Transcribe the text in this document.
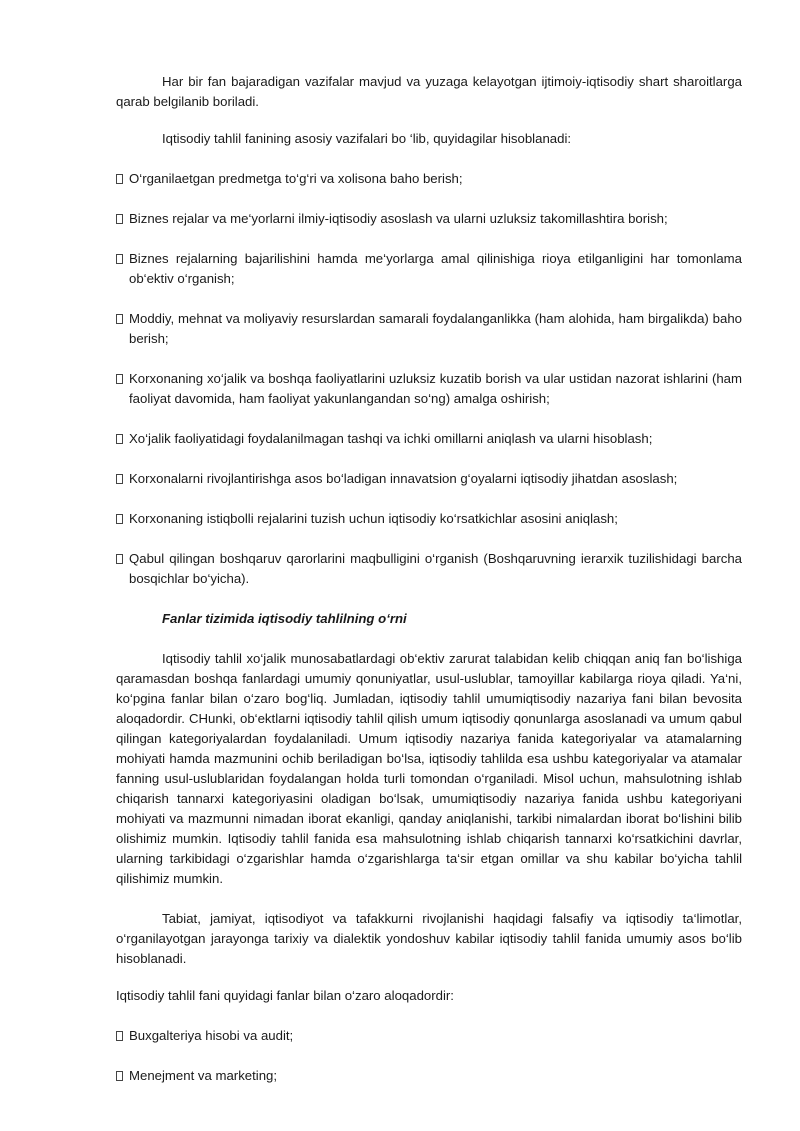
Har bir fan bajaradigan vazifalar mavjud va yuzaga kelayotgan ijtimoiy-iqtisodiy shart sharoitlarga qarab belgilanib boriladi.

Iqtisodiy tahlil fanining asosiy vazifalari bo ‘lib, quyidagilar hisoblanadi:

O‘rganilaetgan predmetga to‘g‘ri va xolisona baho berish;

Biznes rejalar va me‘yorlarni ilmiy-iqtisodiy asoslash va ularni uzluksiz takomillashtira borish;

Biznes rejalarning bajarilishini hamda me‘yorlarga amal qilinishiga rioya etilganligini har tomonlama ob‘ektiv o‘rganish;

Moddiy, mehnat va moliyaviy resurslardan samarali foydalanganlikka (ham alohida, ham birgalikda) baho berish;

Korxonaning xo‘jalik va boshqa faoliyatlarini uzluksiz kuzatib borish va ular ustidan nazorat ishlarini (ham faoliyat davomida, ham faoliyat yakunlangandan so‘ng) amalga oshirish;

Xo‘jalik faoliyatidagi foydalanilmagan tashqi va ichki omillarni aniqlash va ularni hisoblash;

Korxonalarni rivojlantirishga asos bo‘ladigan innavatsion g‘oyalarni iqtisodiy jihatdan asoslash;

Korxonaning istiqbolli rejalarini tuzish uchun iqtisodiy ko‘rsatkichlar asosini aniqlash;

Qabul qilingan boshqaruv qarorlarini maqbulligini o‘rganish (Boshqaruvning ierarxik tuzilishidagi barcha bosqichlar bo‘yicha).

Fanlar tizimida iqtisodiy tahlilning o‘rni

Iqtisodiy tahlil xo‘jalik munosabatlardagi ob‘ektiv zarurat talabidan kelib chiqqan aniq fan bo‘lishiga qaramasdan boshqa fanlardagi umumiy qonuniyatlar, usul-uslublar, tamoyillar kabilarga rioya qiladi. Ya‘ni, ko‘pgina fanlar bilan o‘zaro bog‘liq. Jumladan, iqtisodiy tahlil umumiqtisodiy nazariya fani bilan bevosita aloqadordir. CHunki, ob‘ektlarni iqtisodiy tahlil qilish umum iqtisodiy qonunlarga asoslanadi va umum qabul qilingan kategoriyalardan foydalaniladi. Umum iqtisodiy nazariya fanida kategoriyalar va atamalarning mohiyati hamda mazmunini ochib beriladigan bo‘lsa, iqtisodiy tahlilda esa ushbu kategoriyalar va atamalar fanning usul-uslublaridan foydalangan holda turli tomondan o‘rganiladi. Misol uchun, mahsulotning ishlab chiqarish tannarxi kategoriyasini oladigan bo‘lsak, umumiqtisodiy nazariya fanida ushbu kategoriyani mohiyati va mazmunni nimadan iborat ekanligi, qanday aniqlanishi, tarkibi nimalardan iborat bo‘lishini bilib olishimiz mumkin. Iqtisodiy tahlil fanida esa mahsulotning ishlab chiqarish tannarxi ko‘rsatkichini davrlar, ularning tarkibidagi o‘zgarishlar hamda o‘zgarishlarga ta‘sir etgan omillar va shu kabilar bo‘yicha tahlil qilishimiz mumkin.

Tabiat, jamiyat, iqtisodiyot va tafakkurni rivojlanishi haqidagi falsafiy va iqtisodiy ta‘limotlar, o‘rganilayotgan jarayonga tarixiy va dialektik yondoshuv kabilar iqtisodiy tahlil fanida umumiy asos bo‘lib hisoblanadi.

Iqtisodiy tahlil fani quyidagi fanlar bilan o‘zaro aloqadordir:

Buxgalteriya hisobi va audit;

Menejment va marketing;
